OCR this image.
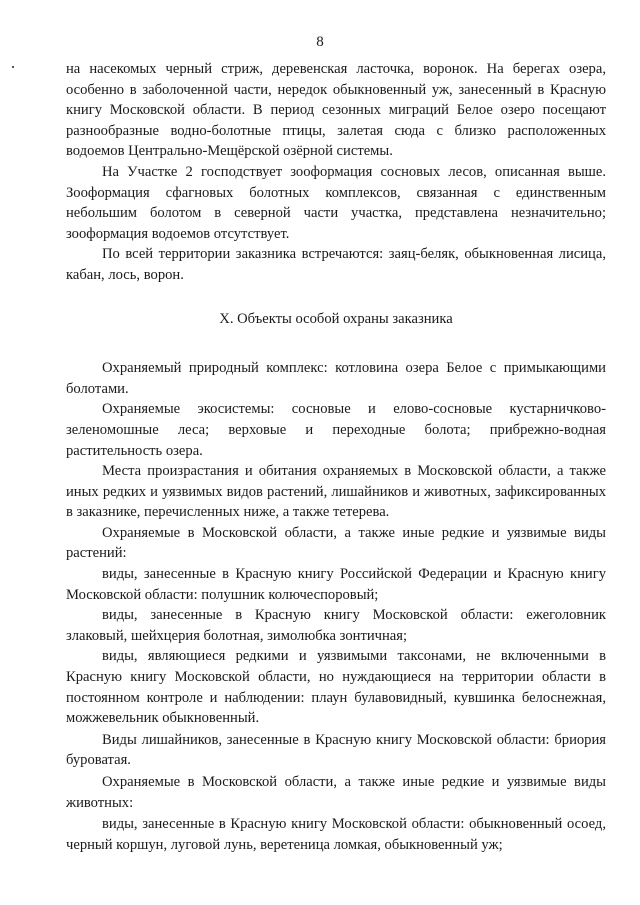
8

на насекомых черный стриж, деревенская ласточка, воронок. На берегах озера, особенно в заболоченной части, нередок обыкновенный уж, занесенный в Красную книгу Московской области. В период сезонных миграций Белое озеро посещают разнообразные водно-болотные птицы, залетая сюда с близко расположенных водоемов Центрально-Мещёрской озёрной системы.

На Участке 2 господствует зооформация сосновых лесов, описанная выше. Зооформация сфагновых болотных комплексов, связанная с единственным небольшим болотом в северной части участка, представлена незначительно; зооформация водоемов отсутствует.

По всей территории заказника встречаются: заяц-беляк, обыкновенная лисица, кабан, лось, ворон.

X. Объекты особой охраны заказника

Охраняемый природный комплекс: котловина озера Белое с примыкающими болотами.

Охраняемые экосистемы: сосновые и елово-сосновые кустарничково-зеленомошные леса; верховые и переходные болота; прибрежно-водная растительность озера.

Места произрастания и обитания охраняемых в Московской области, а также иных редких и уязвимых видов растений, лишайников и животных, зафиксированных в заказнике, перечисленных ниже, а также тетерева.

Охраняемые в Московской области, а также иные редкие и уязвимые виды растений:

виды, занесенные в Красную книгу Российской Федерации и Красную книгу Московской области: полушник колючеспоровый;

виды, занесенные в Красную книгу Московской области: ежеголовник злаковый, шейхцерия болотная, зимолюбка зонтичная;

виды, являющиеся редкими и уязвимыми таксонами, не включенными в Красную книгу Московской области, но нуждающиеся на территории области в постоянном контроле и наблюдении: плаун булавовидный, кувшинка белоснежная, можжевельник обыкновенный.

Виды лишайников, занесенные в Красную книгу Московской области: бриория буроватая.

Охраняемые в Московской области, а также иные редкие и уязвимые виды животных:

виды, занесенные в Красную книгу Московской области: обыкновенный осоед, черный коршун, луговой лунь, веретеница ломкая, обыкновенный уж;
